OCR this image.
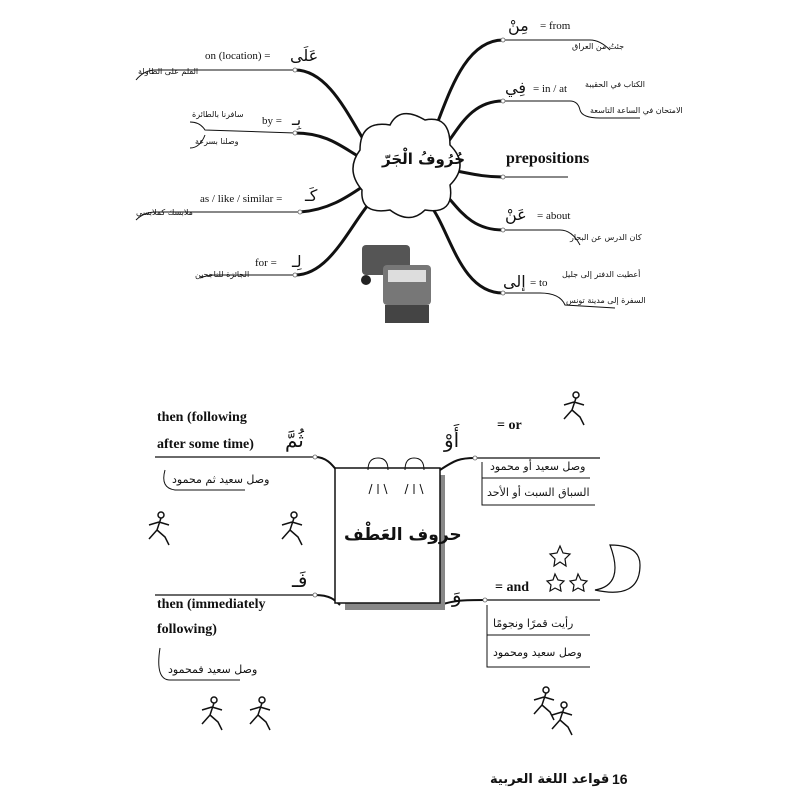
حُرُوفُ الْجَرّ	prepositions
عَلَى
on (location) =
القلم على الطاولة
بِـ
by =
سافرنا بالطائرة
وصلنا بسرعة
كَـ
as / like / similar =
ملابسك كملابسي
لِـ
for =
الجائزة للناجحين
مِنْ = from
جئتُ من العراق
فِي = in / at الكتاب في الحقيبة
الامتحان في الساعة التاسعة
عَنْ = about
كان الدرس عن البحار
إلى = to
أعطيت الدفتر إلى جليل
السفرة إلى مدينة تونس
حروف العَطْف
ثُمَّ
then (following
after some time)
وصل سعيد ثم محمود
فَـ
then (immediately
following)
وصل سعيد فمحمود
أَوْ
= or
وصل سعيد أو محمود
السباق السبت أو الأحد
وَ = and
رأيت قمرًا ونجومًا
وصل سعيد ومحمود
قواعد اللغة العربية 16
